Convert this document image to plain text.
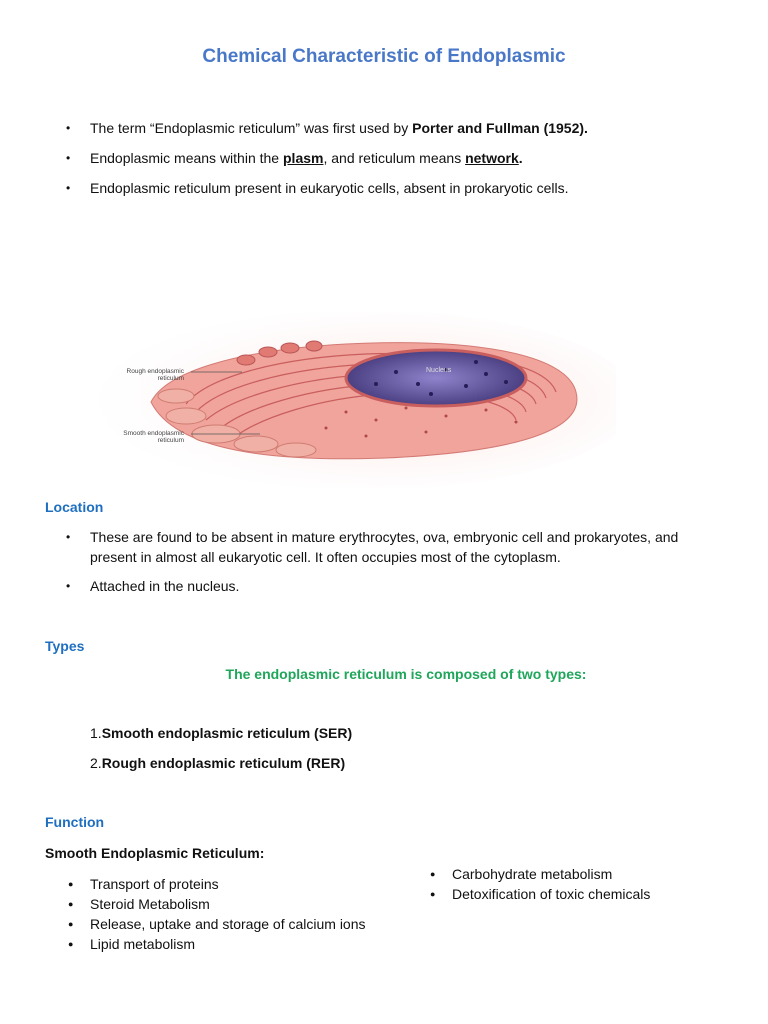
Chemical Characteristic of Endoplasmic
• The term “Endoplasmic reticulum” was first used by Porter and Fullman (1952).
• Endoplasmic means within the plasm, and reticulum means network.
• Endoplasmic reticulum present in eukaryotic cells, absent in prokaryotic cells.
Rough endoplasmic
reticulum
Smooth endoplasmic
reticulum
Nucleus
Location
• These are found to be absent in mature erythrocytes, ova, embryonic cell and prokaryotes, and present in almost all eukaryotic cell. It often occupies most of the cytoplasm.
• Attached in the nucleus.
Types
The endoplasmic reticulum is composed of two types:
1.Smooth endoplasmic reticulum (SER)
2.Rough endoplasmic reticulum (RER)
Function
Smooth Endoplasmic Reticulum:
● Transport of proteins
● Steroid Metabolism
● Release, uptake and storage of calcium ions
● Lipid metabolism
● Carbohydrate metabolism
● Detoxification of toxic chemicals
